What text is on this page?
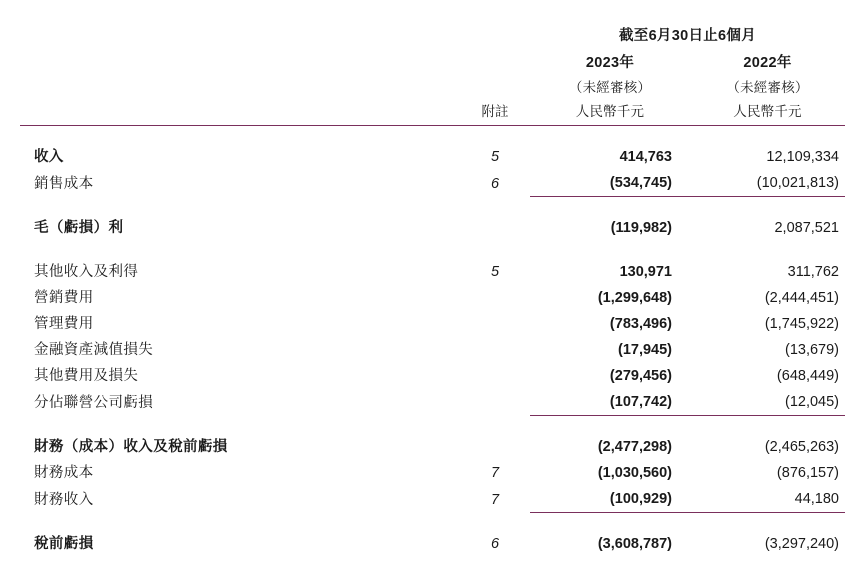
		截至6月30日止6個月	
		2023年	2022年
		（未經審核）	（未經審核）
	附註	人民幣千元	人民幣千元

收入	5	414,763	12,109,334
銷售成本	6	(534,745)	(10,021,813)

毛（虧損）利		(119,982)	2,087,521

其他收入及利得	5	130,971	311,762
營銷費用		(1,299,648)	(2,444,451)
管理費用		(783,496)	(1,745,922)
金融資產減值損失		(17,945)	(13,679)
其他費用及損失		(279,456)	(648,449)
分佔聯營公司虧損		(107,742)	(12,045)

財務（成本）收入及稅前虧損		(2,477,298)	(2,465,263)
財務成本	7	(1,030,560)	(876,157)
財務收入	7	(100,929)	44,180

稅前虧損	6	(3,608,787)	(3,297,240)
